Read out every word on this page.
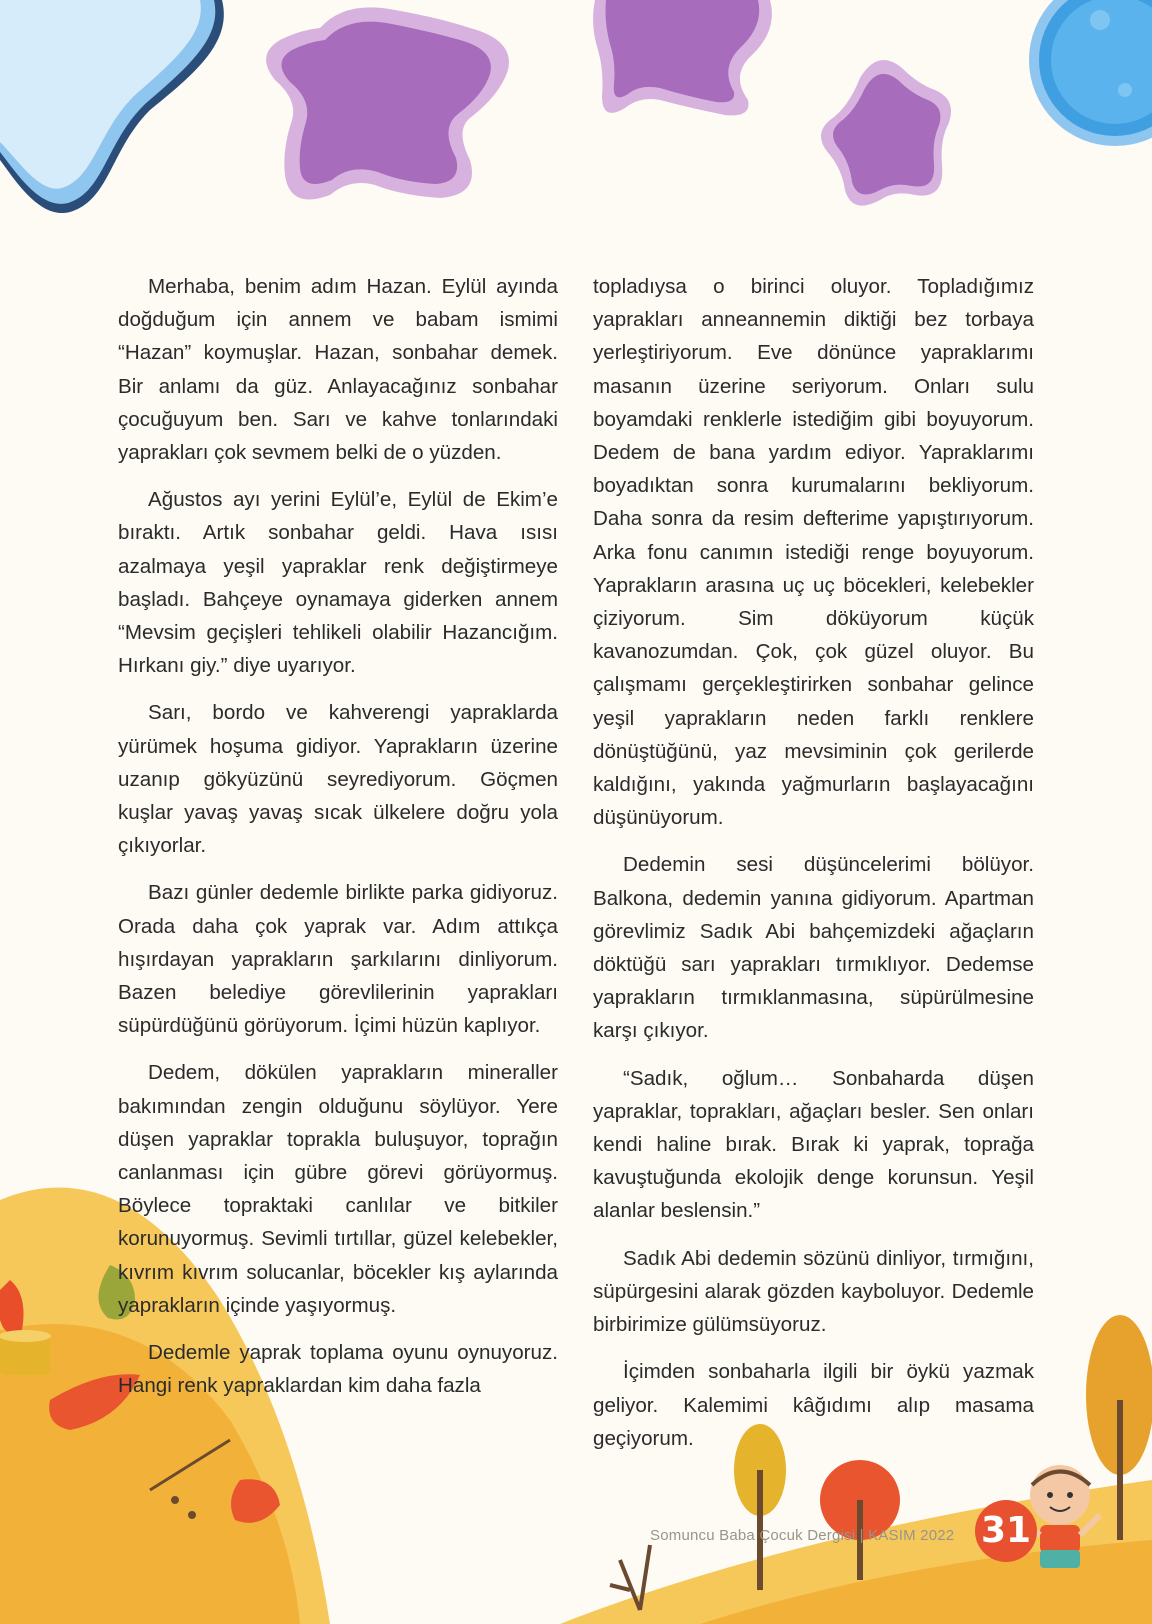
Merhaba, benim adım Hazan. Eylül ayında doğduğum için annem ve babam ismimi “Hazan” koymuşlar. Hazan, sonbahar demek. Bir anlamı da güz. Anlayacağınız sonbahar çocuğuyum ben. Sarı ve kahve tonlarındaki yaprakları çok sevmem belki de o yüzden.

Ağustos ayı yerini Eylül’e, Eylül de Ekim’e bıraktı. Artık sonbahar geldi. Hava ısısı azalmaya yeşil yapraklar renk değiştirmeye başladı. Bahçeye oynamaya giderken annem “Mevsim geçişleri tehlikeli olabilir Hazancığım. Hırkanı giy.” diye uyarıyor.

Sarı, bordo ve kahverengi yapraklarda yürümek hoşuma gidiyor. Yaprakların üzerine uzanıp gökyüzünü seyrediyorum. Göçmen kuşlar yavaş yavaş sıcak ülkelere doğru yola çıkıyorlar.

Bazı günler dedemle birlikte parka gidiyoruz. Orada daha çok yaprak var. Adım attıkça hışırdayan yaprakların şarkılarını dinliyorum. Bazen belediye görevlilerinin yaprakları süpürdüğünü görüyorum. İçimi hüzün kaplıyor.

Dedem, dökülen yaprakların mineraller bakımından zengin olduğunu söylüyor. Yere düşen yapraklar toprakla buluşuyor, toprağın canlanması için gübre görevi görüyormuş. Böylece topraktaki canlılar ve bitkiler korunuyormuş. Sevimli tırtıllar, güzel kelebekler, kıvrım kıvrım solucanlar, böcekler kış aylarında yaprakların içinde yaşıyormuş.

Dedemle yaprak toplama oyunu oynuyoruz. Hangi renk yapraklardan kim daha fazla

topladıysa o birinci oluyor. Topladığımız yaprakları anneannemin diktiği bez torbaya yerleştiriyorum. Eve dönünce yapraklarımı masanın üzerine seriyorum. Onları sulu boyamdaki renklerle istediğim gibi boyuyorum. Dedem de bana yardım ediyor. Yapraklarımı boyadıktan sonra kurumalarını bekliyorum. Daha sonra da resim defterime yapıştırıyorum. Arka fonu canımın istediği renge boyuyorum. Yaprakların arasına uç uç böcekleri, kelebekler çiziyorum. Sim döküyorum küçük kavanozumdan. Çok, çok güzel oluyor. Bu çalışmamı gerçekleştirirken sonbahar gelince yeşil yaprakların neden farklı renklere dönüştüğünü, yaz mevsiminin çok gerilerde kaldığını, yakında yağmurların başlayacağını düşünüyorum.

Dedemin sesi düşüncelerimi bölüyor. Balkona, dedemin yanına gidiyorum. Apartman görevlimiz Sadık Abi bahçemizdeki ağaçların döktüğü sarı yaprakları tırmıklıyor. Dedemse yaprakların tırmıklanmasına, süpürülmesine karşı çıkıyor.

“Sadık, oğlum… Sonbaharda düşen yapraklar, toprakları, ağaçları besler. Sen onları kendi haline bırak. Bırak ki yaprak, toprağa kavuştuğunda ekolojik denge korunsun. Yeşil alanlar beslensin.”

Sadık Abi dedemin sözünü dinliyor, tırmığını, süpürgesini alarak gözden kayboluyor. Dedemle birbirimize gülümsüyoruz.

İçimden sonbaharla ilgili bir öykü yazmak geliyor. Kalemimi kâğıdımı alıp masama geçiyorum.

Somuncu Baba Çocuk Dergisi | KASIM 2022 31
